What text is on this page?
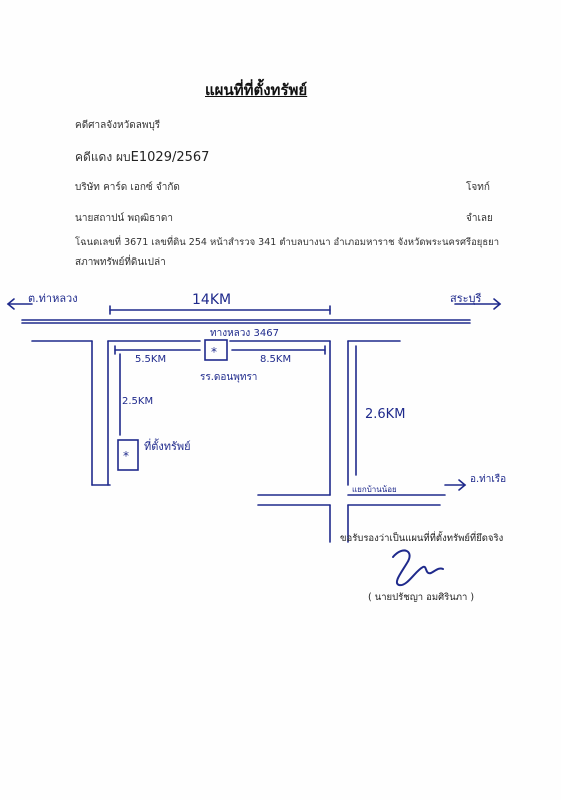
แผนที่ที่ตั้งทรัพย์
คดีศาลจังหวัดลพบุรี
คดีแดง ผบE1029/2567
บริษัท คาร์ด เอกซ์ จำกัด	โจทก์
นายสถาปน์ พฤฒิธาดา	จำเลย
โฉนดเลขที่ 3671 เลขที่ดิน 254 หน้าสำรวจ 341 ตำบลบางนา อำเภอมหาราช จังหวัดพระนครศรีอยุธยา
สภาพทรัพย์ที่ดินเปล่า
ต.ท่าหลวง	สระบุรี
14KM
ทางหลวง 3467
5.5KM	8.5KM
*
รร.ดอนพุทรา
2.5KM
*
ที่ตั้งทรัพย์
2.6KM
แยกบ้านน้อย
อ.ท่าเรือ
ขอรับรองว่าเป็นแผนที่ที่ตั้งทรัพย์ที่ยึดจริง
( นายปรัชญา อมศิรินภา )
